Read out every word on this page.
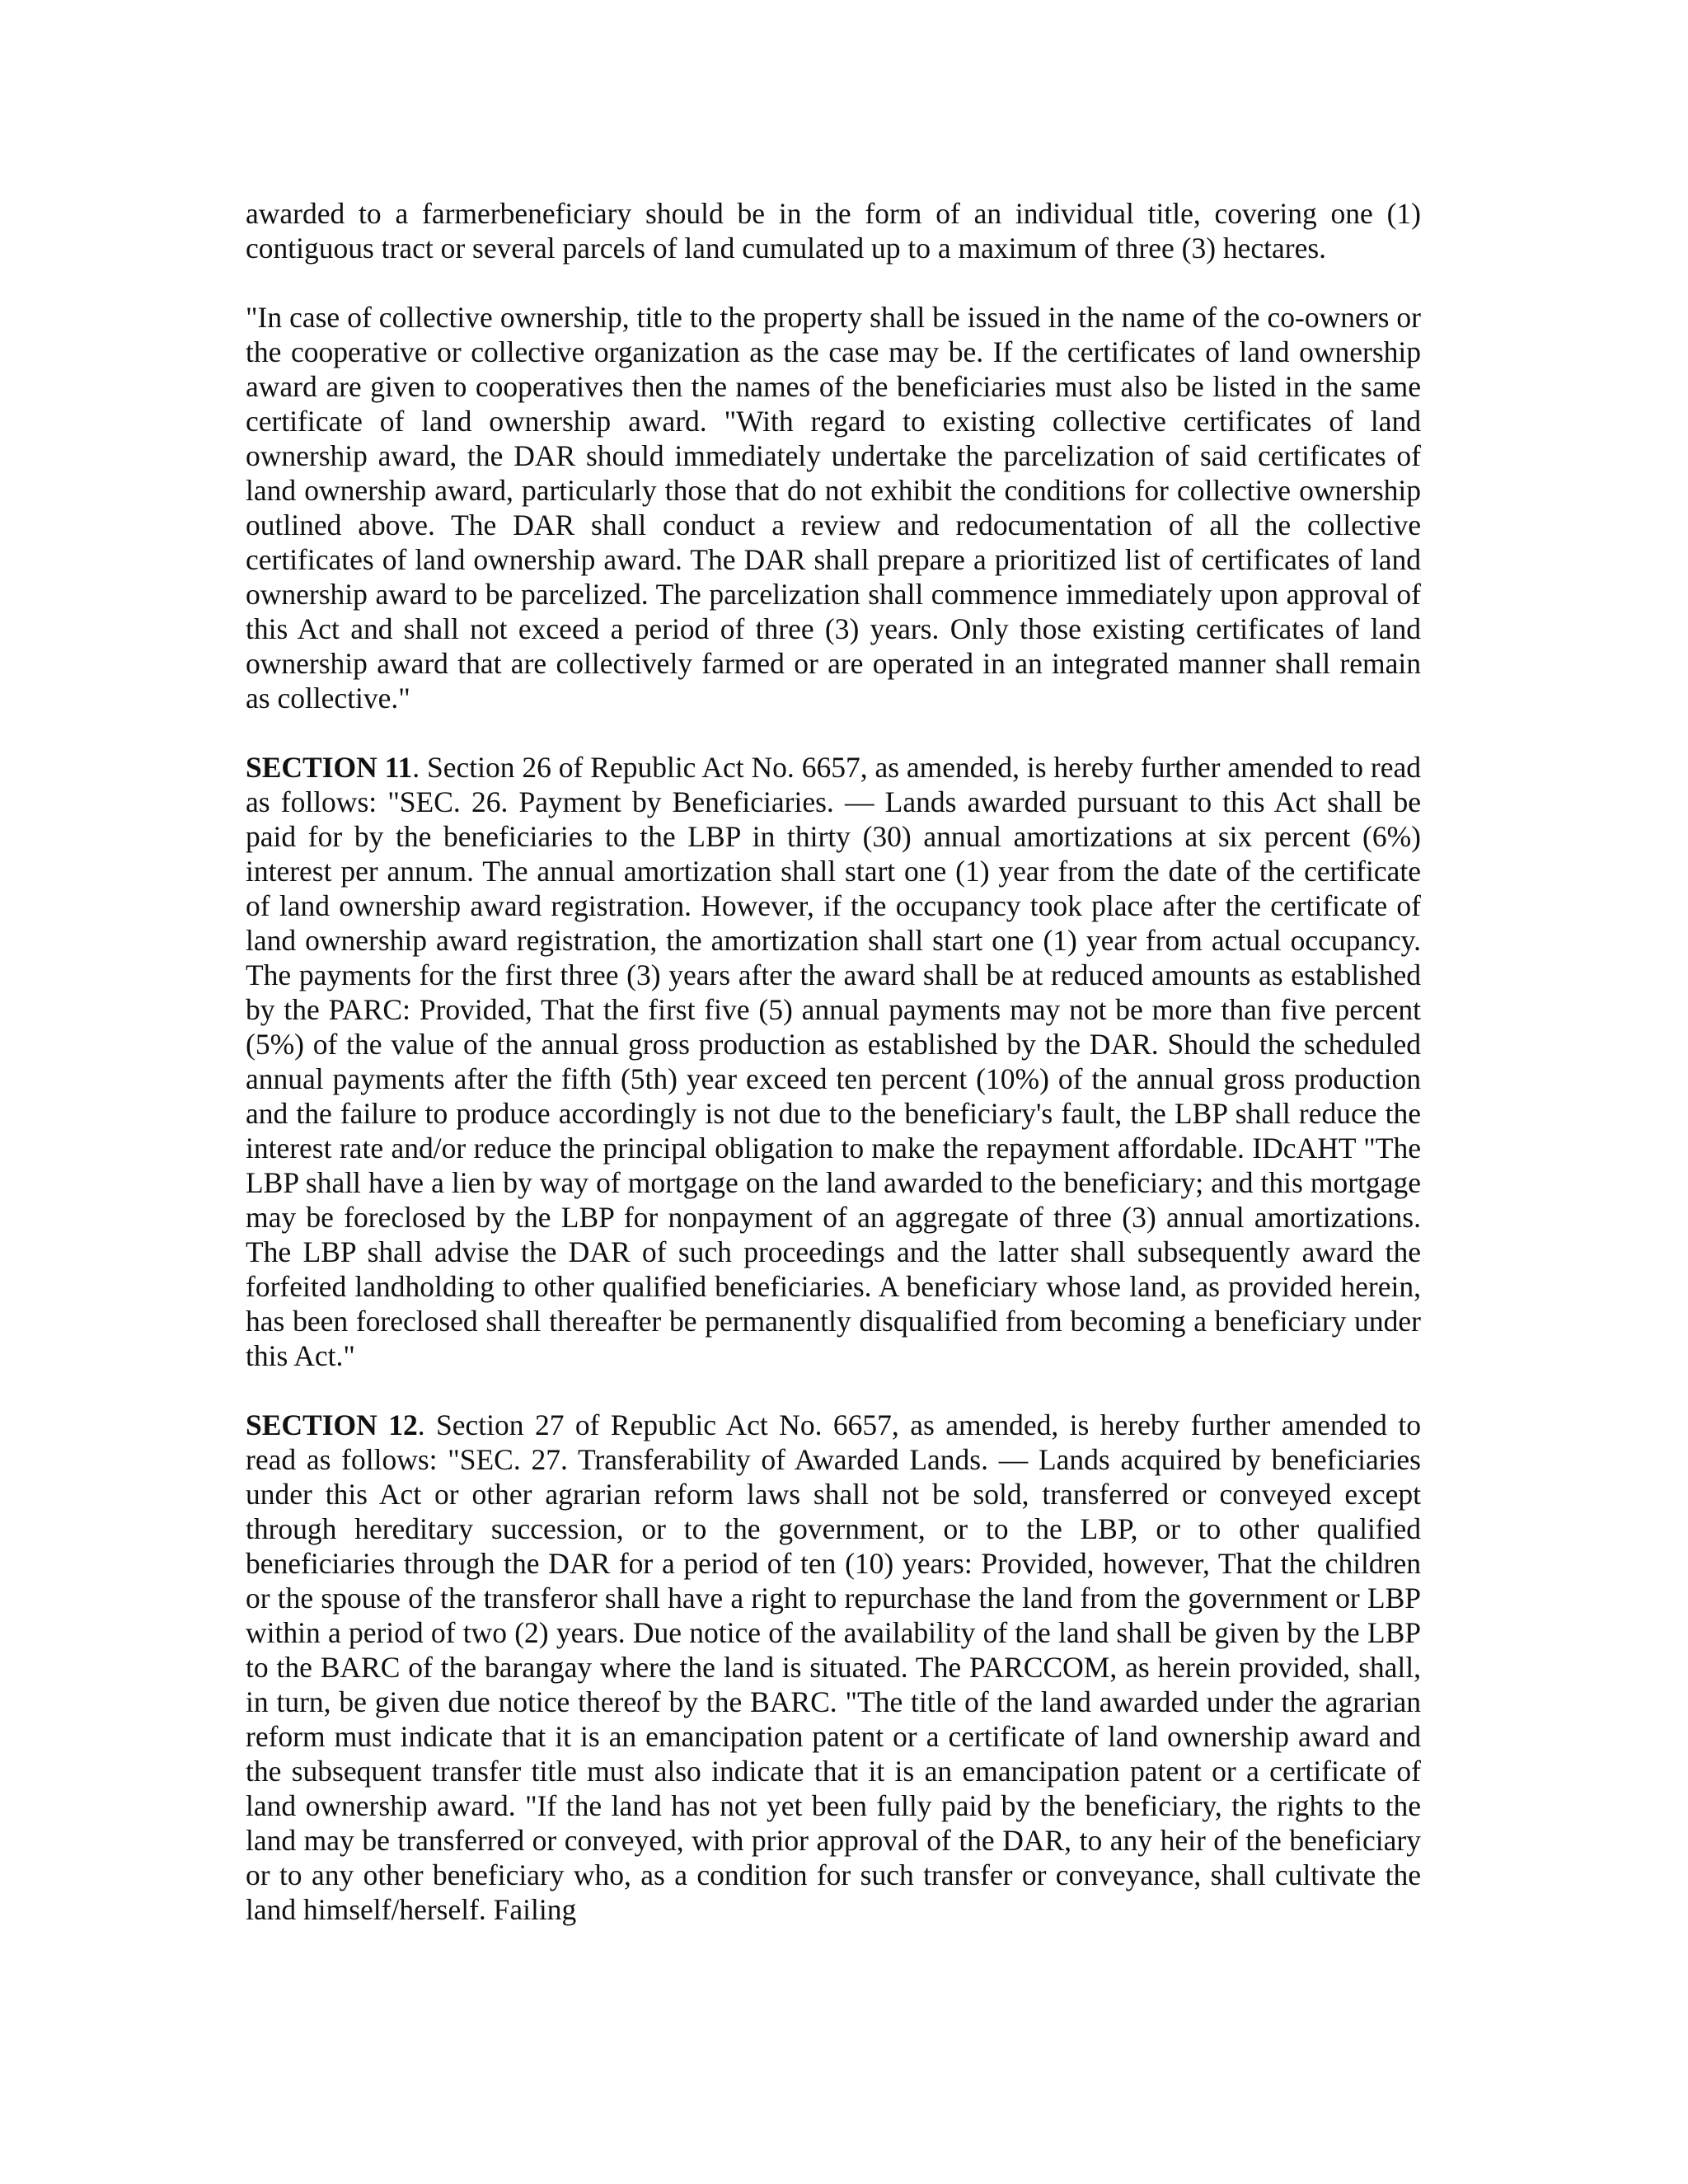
awarded to a farmerbeneficiary should be in the form of an individual title, covering one (1) contiguous tract or several parcels of land cumulated up to a maximum of three (3) hectares.

"In case of collective ownership, title to the property shall be issued in the name of the co-owners or the cooperative or collective organization as the case may be. If the certificates of land ownership award are given to cooperatives then the names of the beneficiaries must also be listed in the same certificate of land ownership award. "With regard to existing collective certificates of land ownership award, the DAR should immediately undertake the parcelization of said certificates of land ownership award, particularly those that do not exhibit the conditions for collective ownership outlined above. The DAR shall conduct a review and redocumentation of all the collective certificates of land ownership award. The DAR shall prepare a prioritized list of certificates of land ownership award to be parcelized. The parcelization shall commence immediately upon approval of this Act and shall not exceed a period of three (3) years. Only those existing certificates of land ownership award that are collectively farmed or are operated in an integrated manner shall remain as collective."

SECTION 11. Section 26 of Republic Act No. 6657, as amended, is hereby further amended to read as follows: "SEC. 26. Payment by Beneficiaries. — Lands awarded pursuant to this Act shall be paid for by the beneficiaries to the LBP in thirty (30) annual amortizations at six percent (6%) interest per annum. The annual amortization shall start one (1) year from the date of the certificate of land ownership award registration. However, if the occupancy took place after the certificate of land ownership award registration, the amortization shall start one (1) year from actual occupancy. The payments for the first three (3) years after the award shall be at reduced amounts as established by the PARC: Provided, That the first five (5) annual payments may not be more than five percent (5%) of the value of the annual gross production as established by the DAR. Should the scheduled annual payments after the fifth (5th) year exceed ten percent (10%) of the annual gross production and the failure to produce accordingly is not due to the beneficiary's fault, the LBP shall reduce the interest rate and/or reduce the principal obligation to make the repayment affordable. IDcAHT "The LBP shall have a lien by way of mortgage on the land awarded to the beneficiary; and this mortgage may be foreclosed by the LBP for nonpayment of an aggregate of three (3) annual amortizations. The LBP shall advise the DAR of such proceedings and the latter shall subsequently award the forfeited landholding to other qualified beneficiaries. A beneficiary whose land, as provided herein, has been foreclosed shall thereafter be permanently disqualified from becoming a beneficiary under this Act."

SECTION 12. Section 27 of Republic Act No. 6657, as amended, is hereby further amended to read as follows: "SEC. 27. Transferability of Awarded Lands. — Lands acquired by beneficiaries under this Act or other agrarian reform laws shall not be sold, transferred or conveyed except through hereditary succession, or to the government, or to the LBP, or to other qualified beneficiaries through the DAR for a period of ten (10) years: Provided, however, That the children or the spouse of the transferor shall have a right to repurchase the land from the government or LBP within a period of two (2) years. Due notice of the availability of the land shall be given by the LBP to the BARC of the barangay where the land is situated. The PARCCOM, as herein provided, shall, in turn, be given due notice thereof by the BARC. "The title of the land awarded under the agrarian reform must indicate that it is an emancipation patent or a certificate of land ownership award and the subsequent transfer title must also indicate that it is an emancipation patent or a certificate of land ownership award. "If the land has not yet been fully paid by the beneficiary, the rights to the land may be transferred or conveyed, with prior approval of the DAR, to any heir of the beneficiary or to any other beneficiary who, as a condition for such transfer or conveyance, shall cultivate the land himself/herself. Failing
